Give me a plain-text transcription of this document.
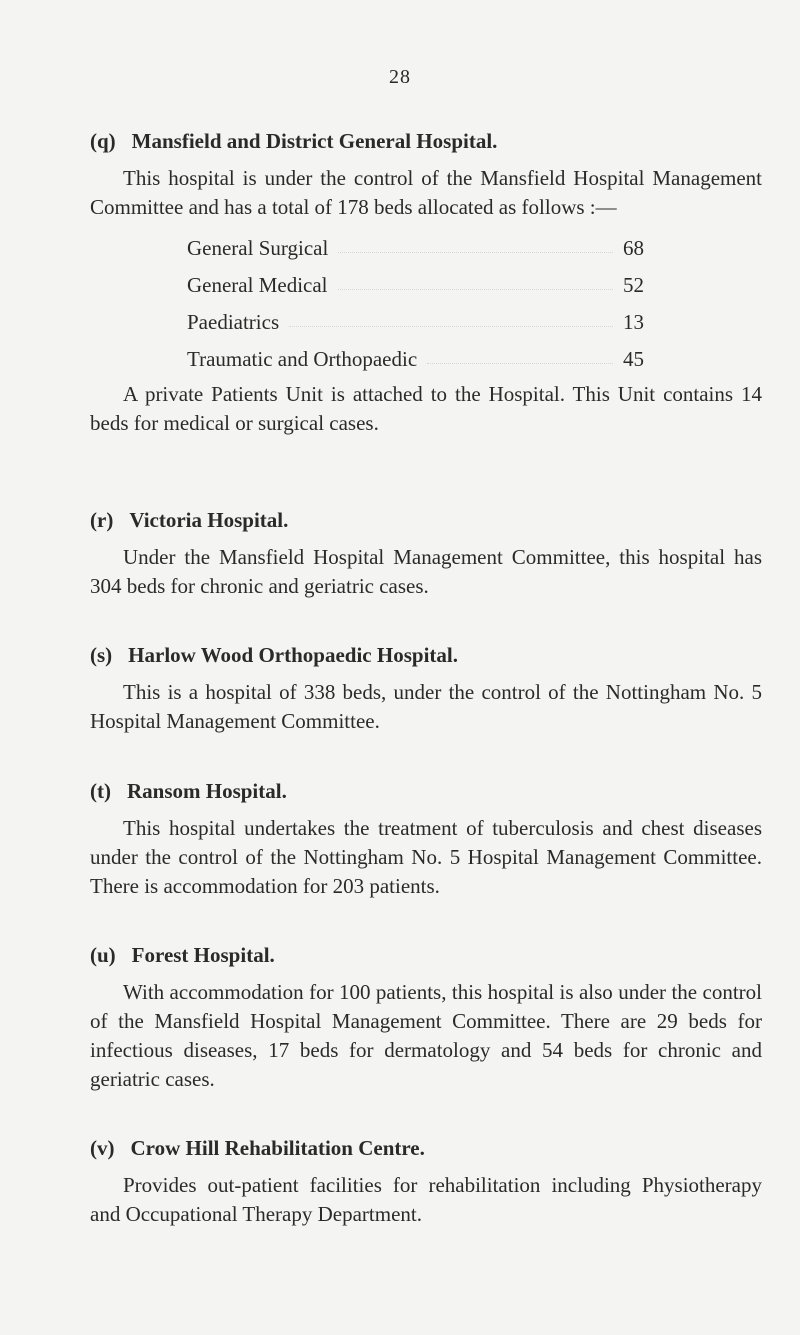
28
(q) Mansfield and District General Hospital.
This hospital is under the control of the Mansfield Hospital Management Committee and has a total of 178 beds allocated as follows :—
General Surgical	68
General Medical	52
Paediatrics	13
Traumatic and Orthopaedic	45
A private Patients Unit is attached to the Hospital. This Unit contains 14 beds for medical or surgical cases.
(r) Victoria Hospital.
Under the Mansfield Hospital Management Committee, this hospital has 304 beds for chronic and geriatric cases.
(s) Harlow Wood Orthopaedic Hospital.
This is a hospital of 338 beds, under the control of the Nottingham No. 5 Hospital Management Committee.
(t) Ransom Hospital.
This hospital undertakes the treatment of tuberculosis and chest diseases under the control of the Nottingham No. 5 Hospital Management Committee. There is accommodation for 203 patients.
(u) Forest Hospital.
With accommodation for 100 patients, this hospital is also under the control of the Mansfield Hospital Management Committee. There are 29 beds for infectious diseases, 17 beds for dermatology and 54 beds for chronic and geriatric cases.
(v) Crow Hill Rehabilitation Centre.
Provides out-patient facilities for rehabilitation including Physiotherapy and Occupational Therapy Department.
